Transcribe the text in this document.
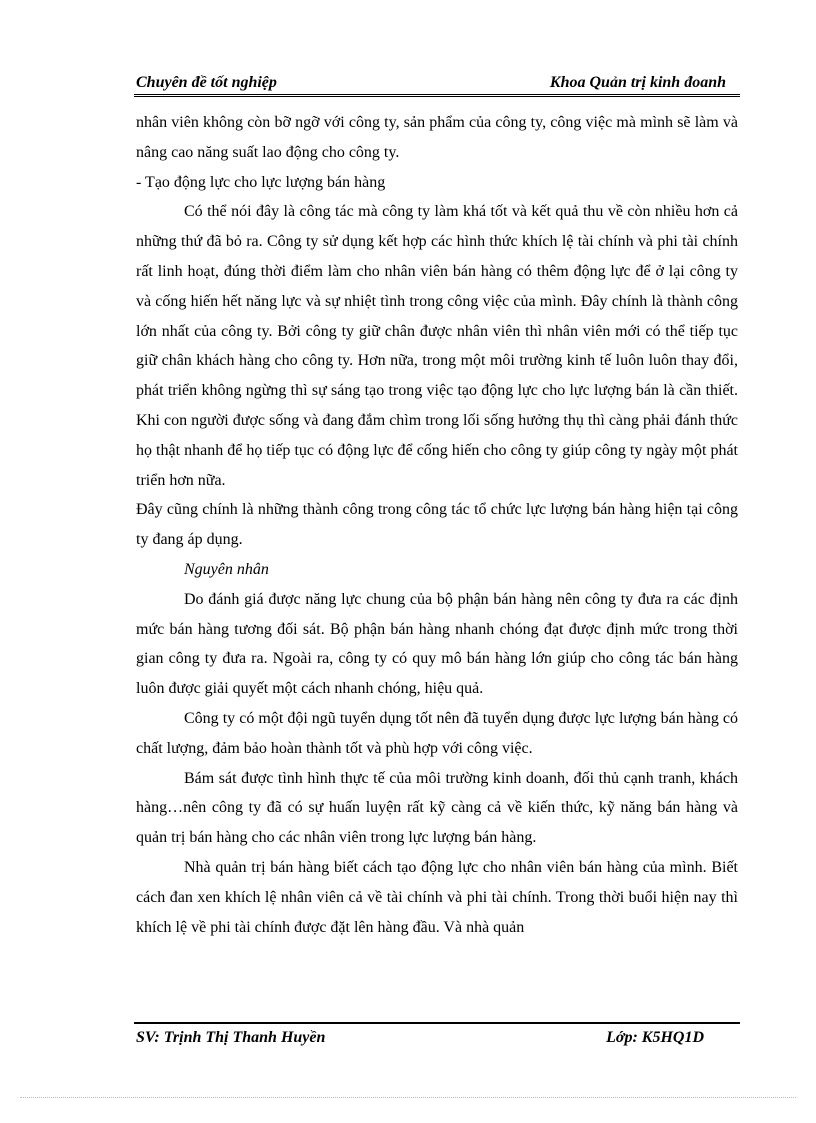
Chuyên đề tốt nghiệp	Khoa Quản trị kinh đoanh

nhân viên không còn bỡ ngỡ với công ty, sản phẩm của công ty, công việc mà mình sẽ làm và nâng cao năng suất lao động cho công ty.

- Tạo động lực cho lực lượng bán hàng

Có thể nói đây là công tác mà công ty làm khá tốt và kết quả thu về còn nhiều hơn cả những thứ đã bỏ ra. Công ty sử dụng kết hợp các hình thức khích lệ tài chính và phi tài chính rất linh hoạt, đúng thời điểm làm cho nhân viên bán hàng có thêm động lực để ở lại công ty và cống hiến hết năng lực và sự nhiệt tình trong công việc của mình. Đây chính là thành công lớn nhất của công ty. Bởi công ty giữ chân được nhân viên thì nhân viên mới có thể tiếp tục giữ chân khách hàng cho công ty. Hơn nữa, trong một môi trường kinh tế luôn luôn thay đổi, phát triển không ngừng thì sự sáng tạo trong việc tạo động lực cho lực lượng bán là cần thiết. Khi con người được sống và đang đắm chìm trong lối sống hưởng thụ thì càng phải đánh thức họ thật nhanh để họ tiếp tục có động lực để cống hiến cho công ty giúp công ty ngày một phát triển hơn nữa.

Đây cũng chính là những thành công trong công tác tổ chức lực lượng bán hàng hiện tại công ty đang áp dụng.

Nguyên nhân

Do đánh giá được năng lực chung của bộ phận bán hàng nên công ty đưa ra các định mức bán hàng tương đối sát. Bộ phận bán hàng nhanh chóng đạt được định mức trong thời gian công ty đưa ra. Ngoài ra, công ty có quy mô bán hàng lớn giúp cho công tác bán hàng luôn được giải quyết một cách nhanh chóng, hiệu quả.

Công ty có một đội ngũ tuyển dụng tốt nên đã tuyển dụng được lực lượng bán hàng có chất lượng, đảm bảo hoàn thành tốt và phù hợp với công việc.

Bám sát được tình hình thực tế của môi trường kinh doanh, đối thủ cạnh tranh, khách hàng…nên công ty đã có sự huấn luyện rất kỹ càng cả về kiến thức, kỹ năng bán hàng và quản trị bán hàng cho các nhân viên trong lực lượng bán hàng.

Nhà quản trị bán hàng biết cách tạo động lực cho nhân viên bán hàng của mình. Biết cách đan xen khích lệ nhân viên cả về tài chính và phi tài chính. Trong thời buổi hiện nay thì khích lệ về phi tài chính được đặt lên hàng đầu. Và nhà quản

SV: Trịnh Thị Thanh Huyền	Lớp: K5HQ1D
